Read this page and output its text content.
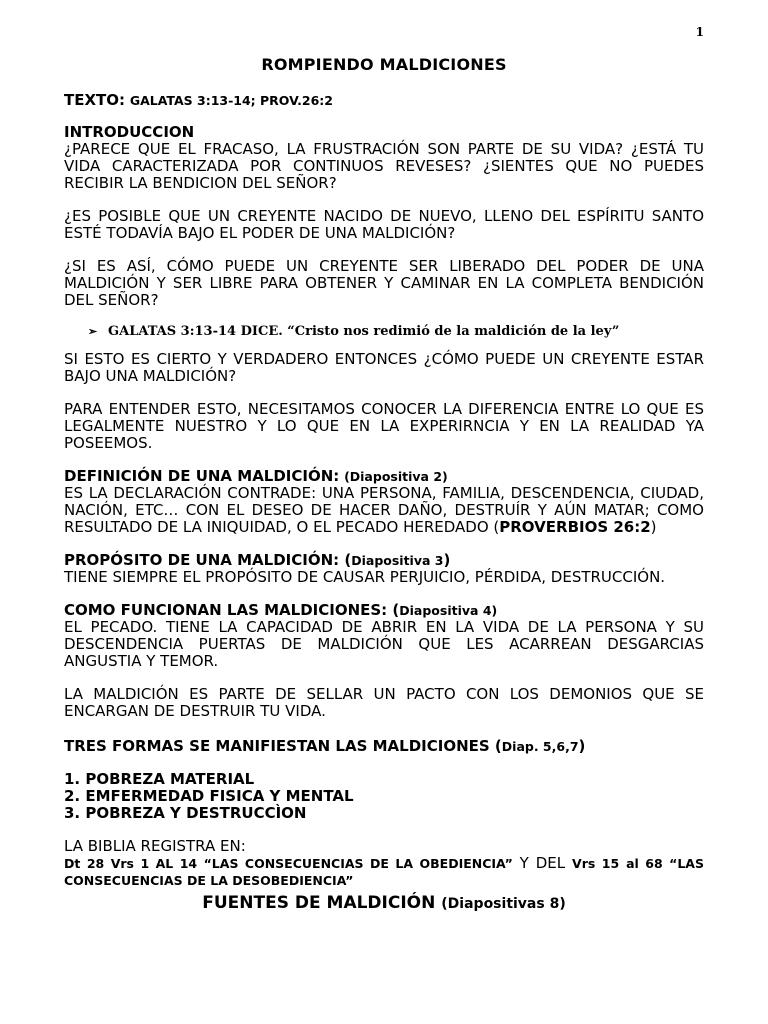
1
ROMPIENDO MALDICIONES

TEXTO: GALATAS 3:13-14; PROV.26:2

INTRODUCCION

¿PARECE QUE EL FRACASO, LA FRUSTRACIÓN SON PARTE DE SU VIDA? ¿ESTÁ TU VIDA CARACTERIZADA POR CONTINUOS REVESES? ¿SIENTES QUE NO PUEDES RECIBIR LA BENDICION DEL SEÑOR?

¿ES POSIBLE QUE UN CREYENTE NACIDO DE NUEVO, LLENO DEL ESPÍRITU SANTO ESTÉ TODAVÍA BAJO EL PODER DE UNA MALDICIÓN?

¿SI ES ASÍ, CÓMO PUEDE UN CREYENTE SER LIBERADO DEL PODER DE UNA MALDICIÓN Y SER LIBRE PARA OBTENER Y CAMINAR EN LA COMPLETA BENDICIÓN DEL SEÑOR?

➢ GALATAS 3:13-14 DICE. “Cristo nos redimió de la maldición de la ley”

SI ESTO ES CIERTO Y VERDADERO ENTONCES ¿CÓMO PUEDE UN CREYENTE ESTAR BAJO UNA MALDICIÓN?

PARA ENTENDER ESTO, NECESITAMOS CONOCER LA DIFERENCIA ENTRE LO QUE ES LEGALMENTE NUESTRO Y LO QUE EN LA EXPERIRNCIA Y EN LA REALIDAD YA POSEEMOS.

DEFINICIÓN DE UNA MALDICIÓN: (Diapositiva 2)

ES LA DECLARACIÓN CONTRADE: UNA PERSONA, FAMILIA, DESCENDENCIA, CIUDAD, NACIÓN, ETC… CON EL DESEO DE HACER DAÑO, DESTRUÍR Y AÚN MATAR; COMO RESULTADO DE LA INIQUIDAD, O EL PECADO HEREDADO (PROVERBIOS 26:2)

PROPÓSITO DE UNA MALDICIÓN: (Diapositiva 3)

TIENE SIEMPRE EL PROPÓSITO DE CAUSAR PERJUICIO, PÉRDIDA, DESTRUCCIÓN.

COMO FUNCIONAN LAS MALDICIONES: (Diapositiva 4)

EL PECADO. TIENE LA CAPACIDAD DE ABRIR EN LA VIDA DE LA PERSONA Y SU DESCENDENCIA PUERTAS DE MALDICIÓN QUE LES ACARREAN DESGARCIAS ANGUSTIA Y TEMOR.

LA MALDICIÓN ES PARTE DE SELLAR UN PACTO CON LOS DEMONIOS QUE SE ENCARGAN DE DESTRUIR TU VIDA.

TRES FORMAS SE MANIFIESTAN LAS MALDICIONES (Diap. 5,6,7)

1. POBREZA MATERIAL

2. EMFERMEDAD FISICA Y MENTAL

3. POBREZA Y DESTRUCCÌON

LA BIBLIA REGISTRA EN:

Dt 28 Vrs 1 AL 14 “LAS CONSECUENCIAS DE LA OBEDIENCIA” Y DEL Vrs 15 al 68 “LAS CONSECUENCIAS DE LA DESOBEDIENCIA”

FUENTES DE MALDICIÓN (Diapositivas 8)
